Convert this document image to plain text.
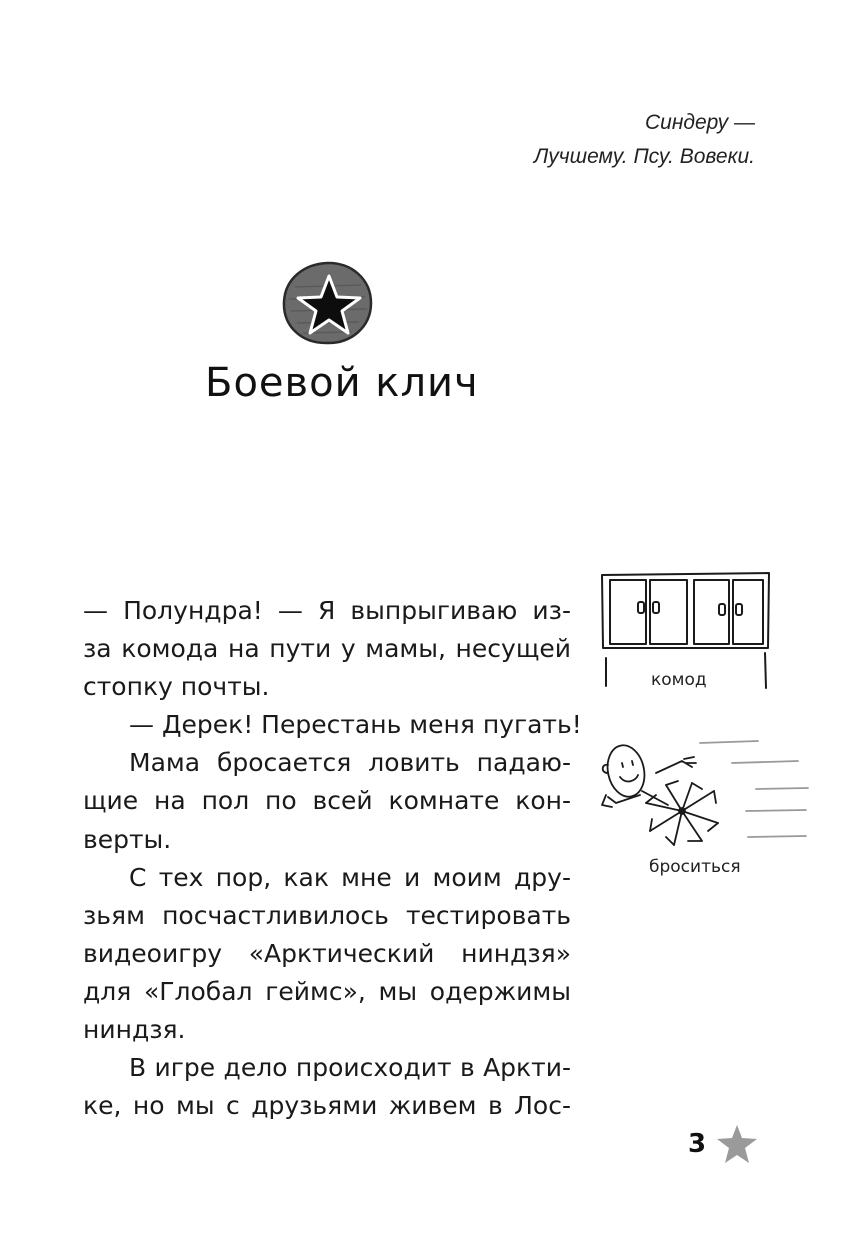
Синдеру —
Лучшему. Псу. Вовеки.
Боевой клич
— Полундра! — Я выпрыгиваю из-
за комода на пути у мамы, несущей
стопку почты.
— Дерек! Перестань меня пугать!
Мама бросается ловить падаю-
щие на пол по всей комнате кон-
верты.
С тех пор, как мне и моим дру-
зьям посчастливилось тестировать
видеоигру «Арктический ниндзя»
для «Глобал геймс», мы одержимы
ниндзя.
В игре дело происходит в Аркти-
ке, но мы с друзьями живем в Лос-
комод
броситься
3
